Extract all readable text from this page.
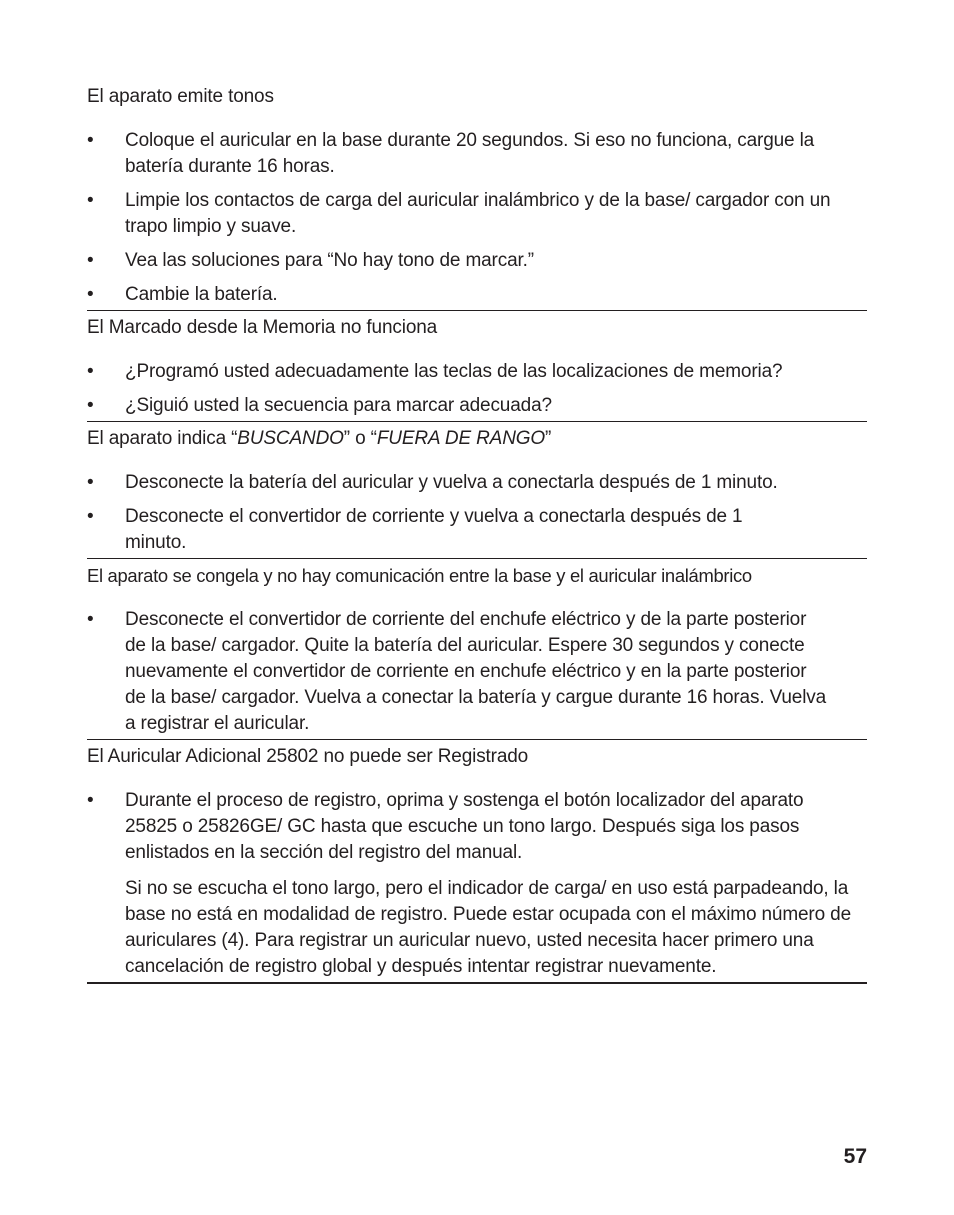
El aparato emite tonos

•	Coloque el auricular en la base durante 20 segundos. Si eso no funciona, cargue la batería durante 16 horas.
•	Limpie los contactos de carga del auricular inalámbrico y de la base/ cargador con un trapo limpio y suave.
•	Vea las soluciones para “No hay tono de marcar.”
•	Cambie la batería.

El Marcado desde la Memoria no funciona

•	¿Programó usted adecuadamente las teclas de las localizaciones de memoria?
•	¿Siguió usted la secuencia para marcar adecuada?

El aparato indica “BUSCANDO” o “FUERA DE RANGO”

•	Desconecte la batería del auricular y vuelva a conectarla después de 1 minuto.
•	Desconecte el convertidor de corriente y vuelva a conectarla después de 1 minuto.

El aparato se congela y no hay comunicación entre la base y el auricular inalámbrico

•	Desconecte el convertidor de corriente del enchufe eléctrico y de la parte posterior de la base/ cargador. Quite la batería del auricular. Espere 30 segundos y conecte nuevamente el convertidor de corriente en enchufe eléctrico y en la parte posterior de la base/ cargador. Vuelva a conectar la batería y cargue durante 16 horas. Vuelva a registrar el auricular.

El Auricular Adicional 25802 no puede ser Registrado

•	Durante el proceso de registro, oprima y sostenga el botón localizador del aparato 25825 o 25826GE/ GC hasta que escuche un tono largo. Después siga los pasos enlistados en la sección del registro del manual.
Si no se escucha el tono largo, pero el indicador de carga/ en uso está parpadeando, la base no está en modalidad de registro. Puede estar ocupada con el máximo número de auriculares (4). Para registrar un auricular nuevo, usted necesita hacer primero una cancelación de registro global y después intentar registrar nuevamente.
57
